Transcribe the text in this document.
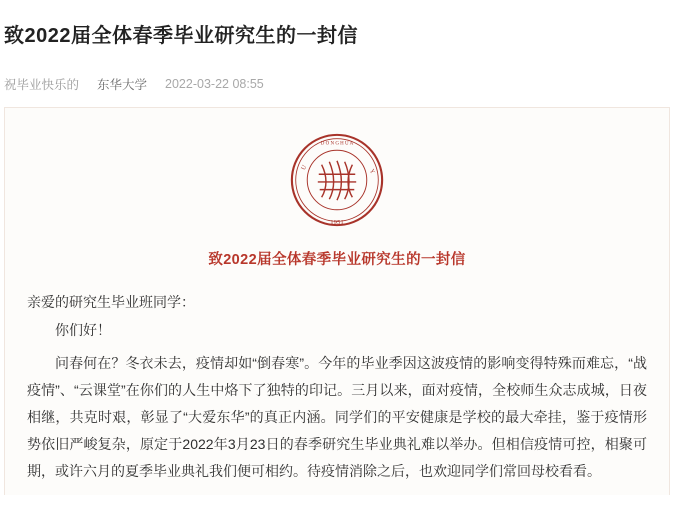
致2022届全体春季毕业研究生的一封信
祝毕业快乐的 东华大学 2022-03-22 08:55
D O N G H U A
1951
U
Y
致2022届全体春季毕业研究生的一封信
亲爱的研究生毕业班同学：
你们好！
问春何在？冬衣未去，疫情却如“倒春寒”。今年的毕业季因这波疫情的影响变得特殊而难忘，“战疫情”、“云课堂”在你们的人生中烙下了独特的印记。三月以来，面对疫情，全校师生众志成城，日夜相继，共克时艰，彰显了“大爱东华”的真正内涵。同学们的平安健康是学校的最大牵挂，鉴于疫情形势依旧严峻复杂，原定于2022年3月23日的春季研究生毕业典礼难以举办。但相信疫情可控，相聚可期，或许六月的夏季毕业典礼我们便可相约。待疫情消除之后，也欢迎同学们常回母校看看。
